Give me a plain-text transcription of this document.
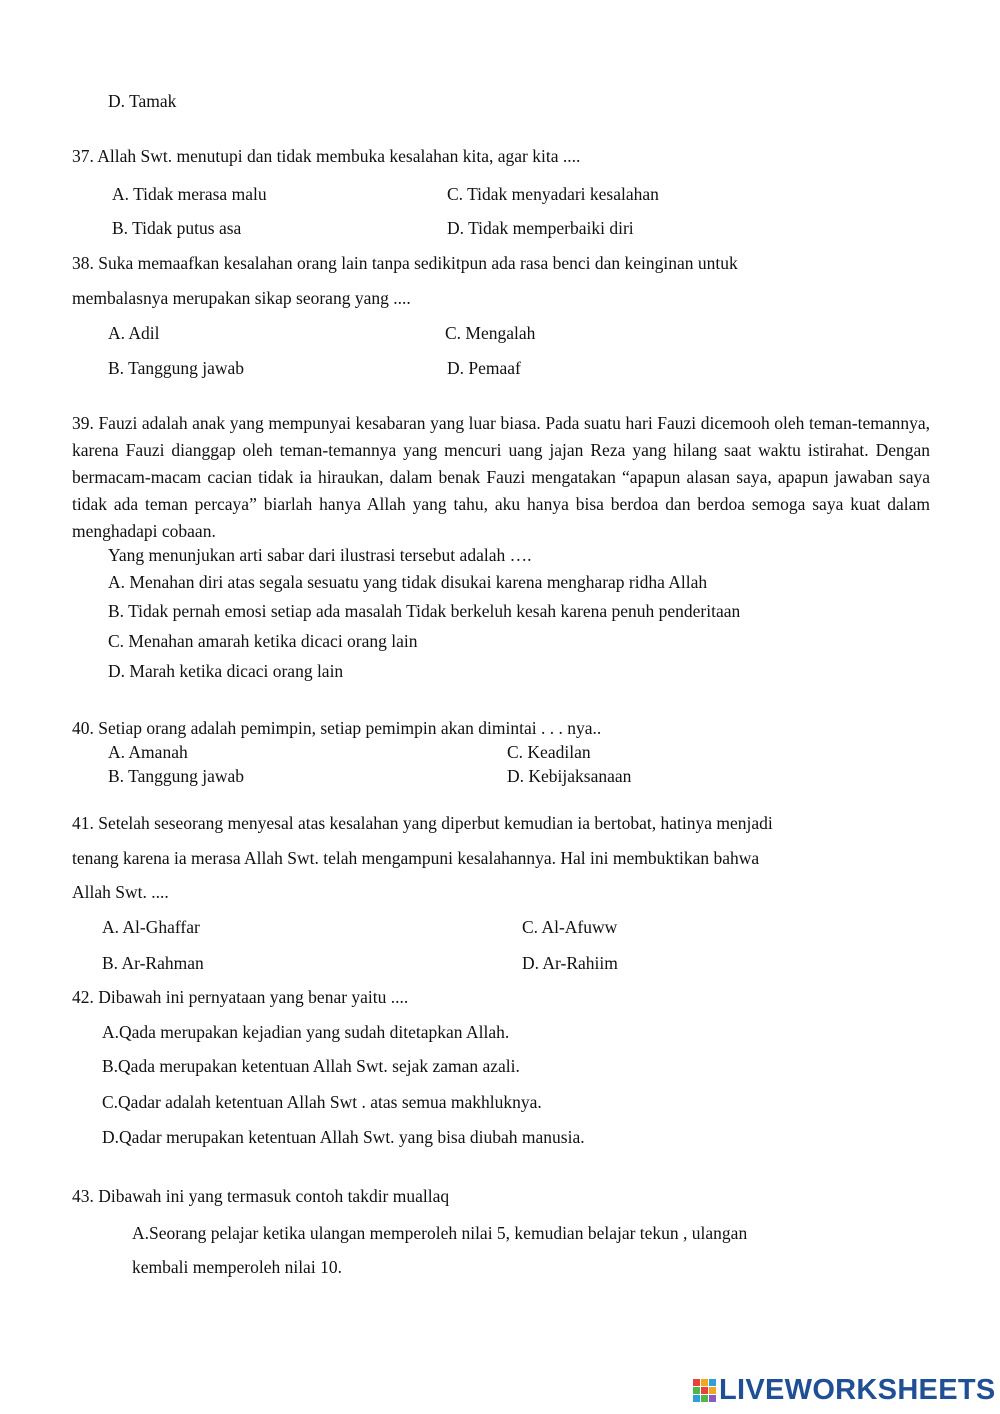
D. Tamak
37. Allah Swt. menutupi dan tidak membuka kesalahan kita, agar kita ....
A. Tidak merasa malu	C. Tidak menyadari kesalahan
B. Tidak putus asa	D. Tidak memperbaiki diri
38. Suka memaafkan kesalahan orang lain tanpa sedikitpun ada rasa benci dan keinginan untuk
membalasnya merupakan sikap seorang yang ....
A. Adil	C. Mengalah
B. Tanggung jawab	D. Pemaaf
39. Fauzi adalah anak yang mempunyai kesabaran yang luar biasa. Pada suatu hari Fauzi dicemooh oleh teman-temannya, karena Fauzi dianggap oleh teman-temannya yang mencuri uang jajan Reza yang hilang saat waktu istirahat. Dengan bermacam-macam cacian tidak ia hiraukan, dalam benak Fauzi mengatakan “apapun alasan saya, apapun jawaban saya tidak ada teman percaya” biarlah hanya Allah yang tahu, aku hanya bisa berdoa dan berdoa semoga saya kuat dalam menghadapi cobaan.
Yang menunjukan arti sabar dari ilustrasi tersebut adalah ….
A. Menahan diri atas segala sesuatu yang tidak disukai karena mengharap ridha Allah
B. Tidak pernah emosi setiap ada masalah Tidak berkeluh kesah karena penuh penderitaan
C. Menahan amarah ketika dicaci orang lain
D. Marah ketika dicaci orang lain
40. Setiap orang adalah pemimpin, setiap pemimpin akan dimintai . . . nya..
A. Amanah	C. Keadilan
B. Tanggung jawab	D. Kebijaksanaan
41. Setelah seseorang menyesal atas kesalahan yang diperbut kemudian ia bertobat, hatinya menjadi
tenang karena ia merasa Allah Swt. telah mengampuni kesalahannya. Hal ini membuktikan bahwa
Allah Swt. ....
A. Al-Ghaffar	C. Al-Afuww
B. Ar-Rahman	D. Ar-Rahiim
42. Dibawah ini pernyataan yang benar yaitu ....
A.Qada merupakan kejadian yang sudah ditetapkan Allah.
B.Qada merupakan ketentuan Allah Swt. sejak zaman azali.
C.Qadar adalah ketentuan Allah Swt . atas semua makhluknya.
D.Qadar merupakan ketentuan Allah Swt. yang bisa diubah manusia.
43. Dibawah ini yang termasuk contoh takdir muallaq
A.Seorang pelajar ketika ulangan memperoleh nilai 5, kemudian belajar tekun , ulangan
kembali memperoleh nilai 10.
LIVEWORKSHEETS
